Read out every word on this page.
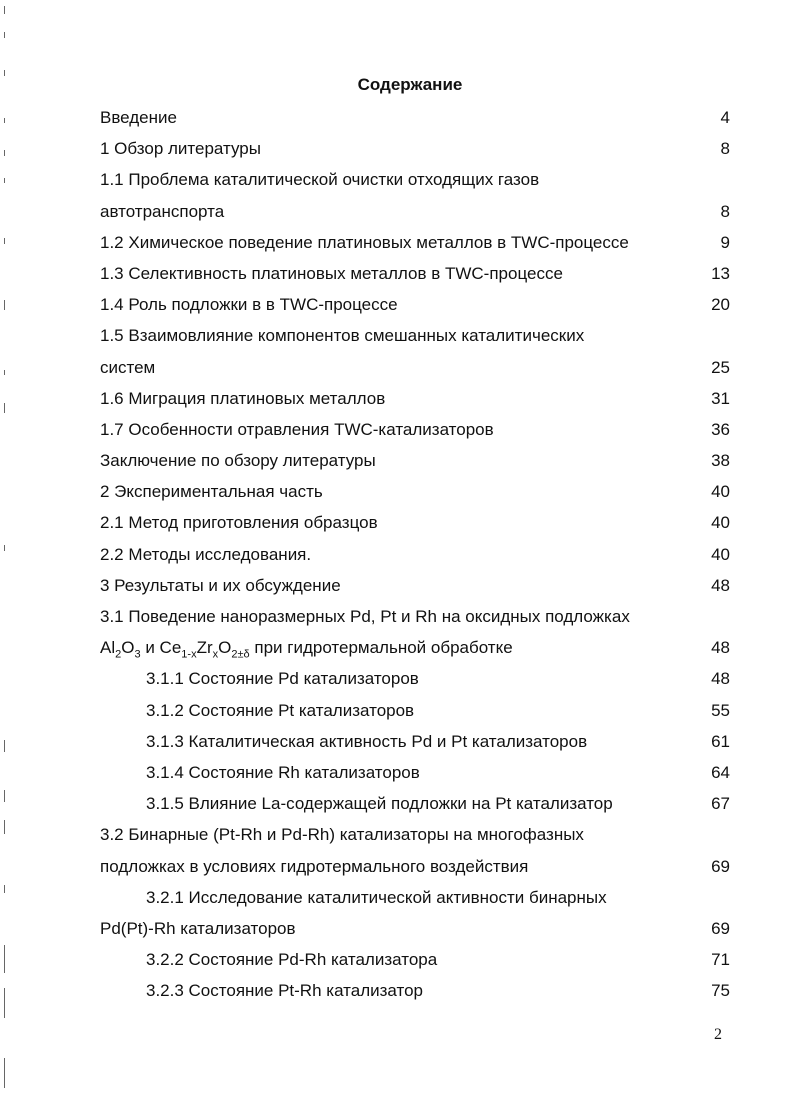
Содержание
Введение	4
1 Обзор литературы	8
1.1 Проблема каталитической очистки отходящих газов
автотранспорта	8
1.2 Химическое поведение платиновых металлов в TWC-процессе	9
1.3 Селективность платиновых металлов в TWC-процессе	13
1.4 Роль подложки в в TWC-процессе	20
1.5 Взаимовлияние компонентов смешанных каталитических
систем	25
1.6 Миграция платиновых металлов	31
1.7 Особенности отравления TWC-катализаторов	36
Заключение по обзору литературы	38
2 Экспериментальная часть	40
2.1 Метод приготовления образцов	40
2.2 Методы исследования.	40
3 Результаты и их обсуждение	48
3.1 Поведение наноразмерных Pd, Pt и Rh на оксидных подложках
$Al_2O_3$ и $Ce_{1-x}Zr_xO_{2\pm\delta}$ при гидротермальной обработке	48
3.1.1 Состояние Pd катализаторов	48
3.1.2 Состояние Pt катализаторов	55
3.1.3 Каталитическая активность Pd и Pt катализаторов	61
3.1.4 Состояние Rh катализаторов	64
3.1.5 Влияние La-содержащей подложки на Pt катализатор	67
3.2 Бинарные (Pt-Rh и Pd-Rh) катализаторы на многофазных
подложках в условиях гидротермального воздействия	69
3.2.1 Исследование каталитической активности бинарных
Pd(Pt)-Rh катализаторов	69
3.2.2 Состояние Pd-Rh катализатора	71
3.2.3 Состояние Pt-Rh катализатор	75
2
